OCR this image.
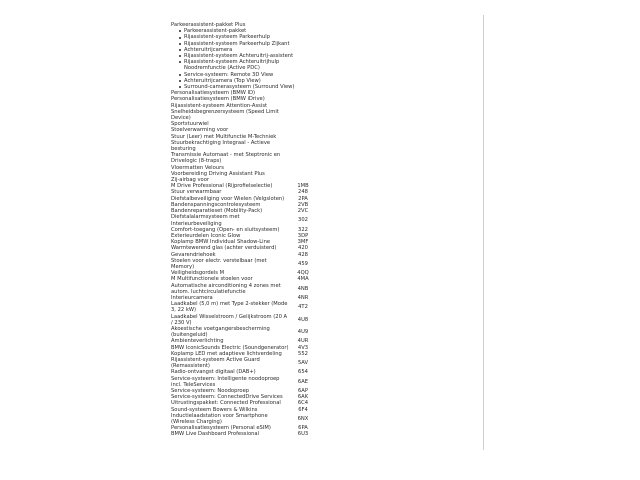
Parkeerassistent-pakket Plus
Parkeerassistent-pakket
Rijassistent-systeem Parkeerhulp
Rijassistent-systeem Parkeerhulp Zijkant
Achteruitrijcamera
Rijassistent-systeem Achteruitrij-assistent
Rijassistent-systeem Achteruitrijhulp Noodremfunctie (Active PDC)
Service-systeem: Remote 3D View
Achteruitrijcamera (Top View)
Surround-camerasysteem (Surround View)
Personalisatiesysteem (BMW ID)
Personalisatiesysteem (BMW iDrive)
Rijassistent-systeem Attention-Assist
Snelheidsbegrenzersysteem (Speed Limit Device)
Sportstuurwiel
Stoelverwarming voor
Stuur (Leer) met Multifunctie M-Techniek
Stuurbekrachtiging Integraal - Actieve besturing
Transmissie Automaat - met Steptronic en Drivelogic (8-traps)
Vloermatten Velours
Voorbereiding Driving Assistant Plus
Zij-airbag voor
M Drive Professional (Rijprofielselectie)	1MB
Stuur verwarmbaar	248
Diefstalbeveiliging voor Wielen (Velgsloten)	2PA
Bandenspanningscontrolesysteem	2VB
Bandenreparatieset (Mobility-Pack)	2VC
Diefstalalarmsysteem met Interieurbeveiliging	302
Comfort-toegang (Open- en sluitsysteem)	322
Exterieurdelen Iconic Glow	3DP
Koplamp BMW Individual Shadow-Line	3MF
Warmtewerend glas (achter verduisterd)	420
Gevarendriehoek	428
Stoelen voor electr. verstelbaar (met Memory)	459
Veiligheidsgordels M	4QQ
M Multifunctionele stoelen voor	4MA
Automatische airconditioning 4 zones met autom. luchtcirculatiefunctie	4NB
Interieurcamera	4NR
Laadkabel (5,0 m) met Type 2-stekker (Mode 3, 22 kW)	4T2
Laadkabel Wisselstroom / Gelijkstroom (20 A / 230 V)	4U8
Akoestische voetgangersbescherming (buitengeluid)	4U9
Ambienteverlichting	4UR
BMW IconicSounds Electric (Soundgenerator)	4V3
Koplamp LED met adaptieve lichtverdeling	552
Rijassistent-systeem Active Guard (Remassistent)	5AV
Radio-ontvangst digitaal (DAB+)	654
Service-systeem: Intelligente noodoproep incl. TeleServices	6AE
Service-systeem: Noodoproep	6AP
Service-systeem: ConnectedDrive Services	6AK
Uitrustingspakket: Connected Professional	6C4
Sound-systeem Bowers & Wilkins	6F4
Inductielaadstation voor Smartphone (Wireless Charging)	6NX
Personalisatiesysteem (Personal eSIM)	6PA
BMW Live Dashboard Professional	6U3
